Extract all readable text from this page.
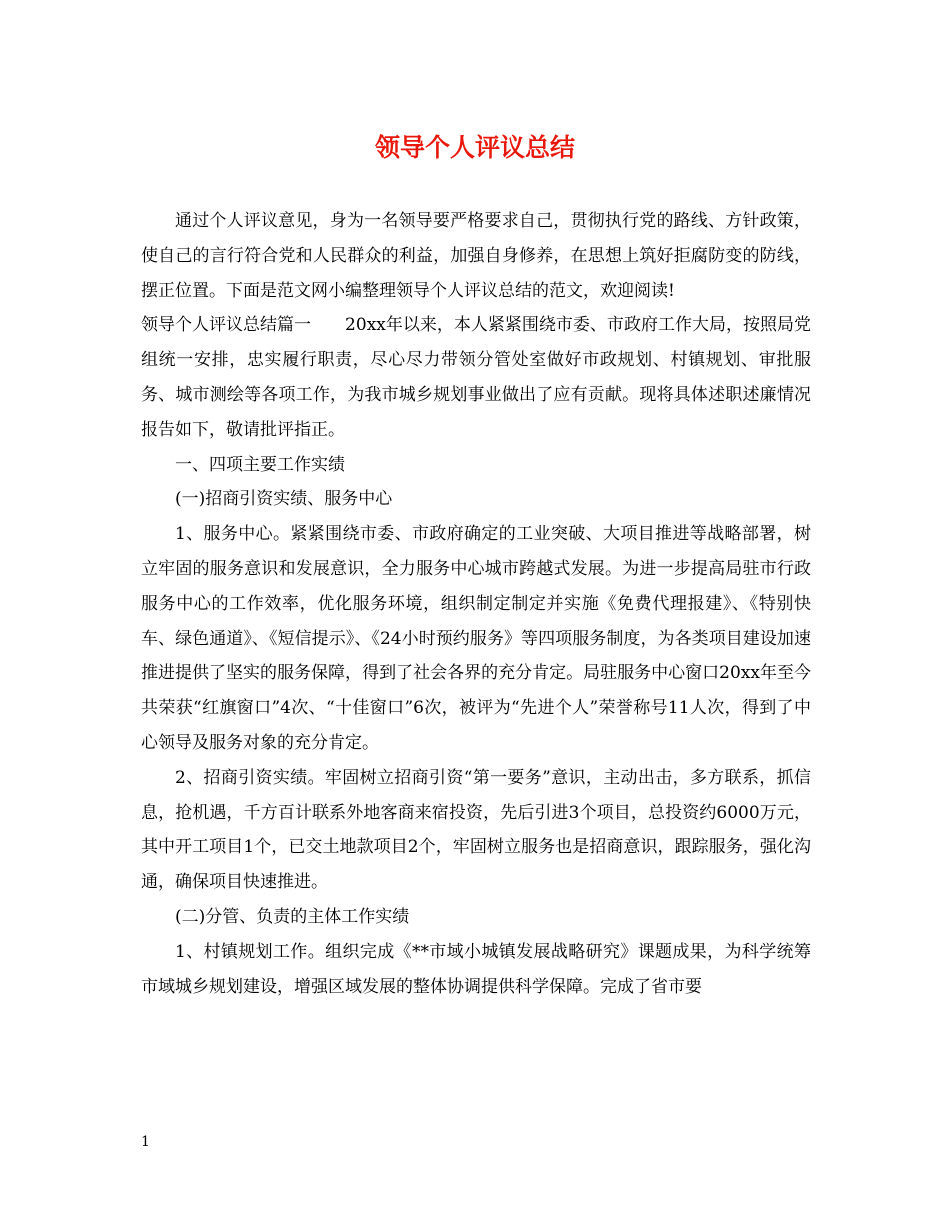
领导个人评议总结

通过个人评议意见，身为一名领导要严格要求自己，贯彻执行党的路线、方针政策，使自己的言行符合党和人民群众的利益，加强自身修养，在思想上筑好拒腐防变的防线，摆正位置。下面是范文网小编整理领导个人评议总结的范文，欢迎阅读!

领导个人评议总结篇一　　20xx年以来，本人紧紧围绕市委、市政府工作大局，按照局党组统一安排，忠实履行职责，尽心尽力带领分管处室做好市政规划、村镇规划、审批服务、城市测绘等各项工作，为我市城乡规划事业做出了应有贡献。现将具体述职述廉情况报告如下，敬请批评指正。

一、四项主要工作实绩

(一)招商引资实绩、服务中心

1、服务中心。紧紧围绕市委、市政府确定的工业突破、大项目推进等战略部署，树立牢固的服务意识和发展意识，全力服务中心城市跨越式发展。为进一步提高局驻市行政服务中心的工作效率，优化服务环境，组织制定制定并实施《免费代理报建》、《特别快车、绿色通道》、《短信提示》、《24小时预约服务》等四项服务制度，为各类项目建设加速推进提供了坚实的服务保障，得到了社会各界的充分肯定。局驻服务中心窗口20xx年至今共荣获“红旗窗口”4次、“十佳窗口”6次，被评为“先进个人”荣誉称号11人次，得到了中心领导及服务对象的充分肯定。

2、招商引资实绩。牢固树立招商引资“第一要务”意识，主动出击，多方联系，抓信息，抢机遇，千方百计联系外地客商来宿投资，先后引进3个项目，总投资约6000万元，其中开工项目1个，已交土地款项目2个，牢固树立服务也是招商意识，跟踪服务，强化沟通，确保项目快速推进。

(二)分管、负责的主体工作实绩

1、村镇规划工作。组织完成《**市域小城镇发展战略研究》课题成果，为科学统筹市域城乡规划建设，增强区域发展的整体协调提供科学保障。完成了省市要

1
